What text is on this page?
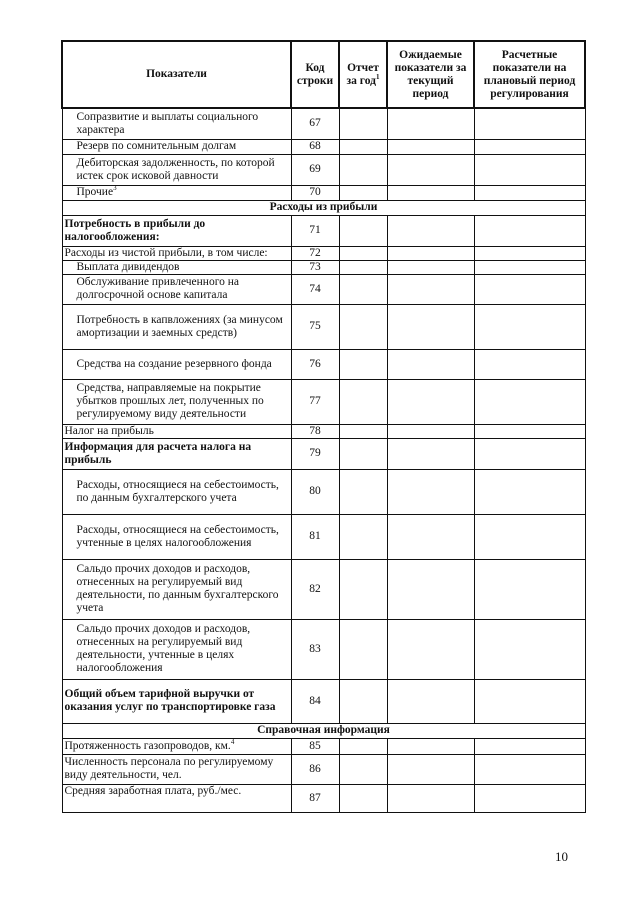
Показатели	Код строки	Отчет за год$^1$	Ожидаемые показатели за текущий период	Расчетные показатели на плановый период регулирования
Сопразвитие и выплаты социального характера	67			
Резерв по сомнительным долгам	68			
Дебиторская задолженность, по которой истек срок исковой давности	69			
Прочие$^3$	70			
Расходы из прибыли				
Потребность в прибыли до налогообложения:	71			
Расходы из чистой прибыли, в том числе:	72			
Выплата дивидендов	73			
Обслуживание привлеченного на долгосрочной основе капитала	74			
Потребность в капвложениях (за минусом амортизации и заемных средств)	75			
Средства на создание резервного фонда	76			
Средства, направляемые на покрытие убытков прошлых лет, полученных по регулируемому виду деятельности	77			
Налог на прибыль	78			
Информация для расчета налога на прибыль	79			
Расходы, относящиеся на себестоимость, по данным бухгалтерского учета	80			
Расходы, относящиеся на себестоимость, учтенные в целях налогообложения	81			
Сальдо прочих доходов и расходов, отнесенных на регулируемый вид деятельности, по данным бухгалтерского учета	82			
Сальдо прочих доходов и расходов, отнесенных на регулируемый вид деятельности, учтенные в целях налогообложения	83			
Общий объем тарифной выручки от оказания услуг по транспортировке газа	84			
Справочная информация				
Протяженность газопроводов, км.$^4$	85			
Численность персонала по регулируемому виду деятельности, чел.	86			
Средняя заработная плата, руб./мес.	87			
10
